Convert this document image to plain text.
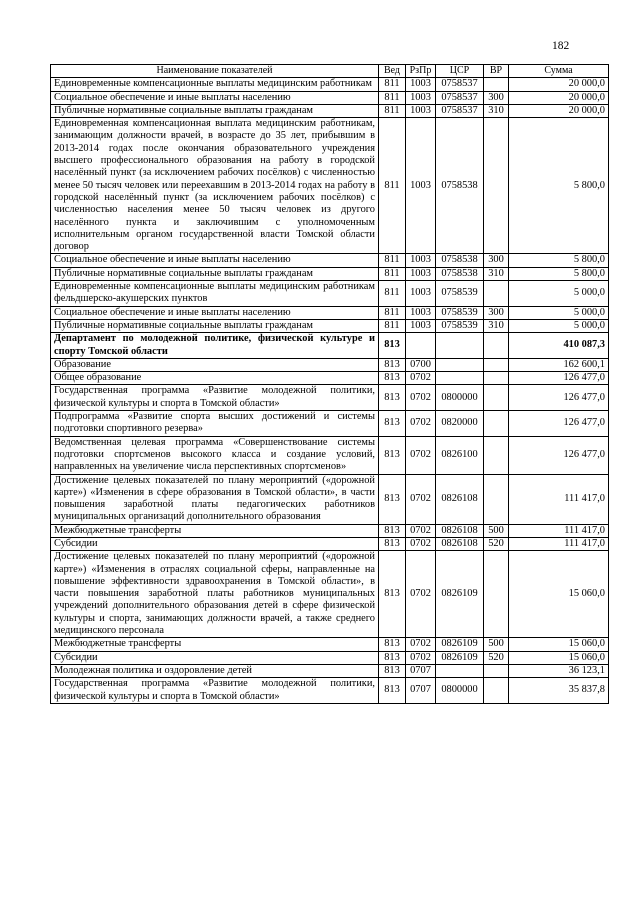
182
Наименование показателей	Вед	РзПр	ЦСР	ВР	Сумма
Единовременные компенсационные выплаты медицинским работникам	811	1003	0758537		20 000,0
Социальное обеспечение и иные выплаты населению	811	1003	0758537	300	20 000,0
Публичные нормативные социальные выплаты гражданам	811	1003	0758537	310	20 000,0
Единовременная компенсационная выплата медицинским работникам, занимающим должности врачей, в возрасте до 35 лет, прибывшим в 2013-2014 годах после окончания образовательного учреждения высшего профессионального образования на работу в городской населённый пункт (за исключением рабочих посёлков) с численностью менее 50 тысяч человек или переехавшим в 2013-2014 годах на работу в городской населённый пункт (за исключением рабочих посёлков) с численностью населения менее 50 тысяч человек из другого населённого пункта и заключившим с уполномоченным исполнительным органом государственной власти Томской области договор	811	1003	0758538		5 800,0
Социальное обеспечение и иные выплаты населению	811	1003	0758538	300	5 800,0
Публичные нормативные социальные выплаты гражданам	811	1003	0758538	310	5 800,0
Единовременные компенсационные выплаты медицинским работникам фельдшерско-акушерских пунктов	811	1003	0758539		5 000,0
Социальное обеспечение и иные выплаты населению	811	1003	0758539	300	5 000,0
Публичные нормативные социальные выплаты гражданам	811	1003	0758539	310	5 000,0
Департамент по молодежной политике, физической культуре и спорту Томской области	813				410 087,3
Образование	813	0700			162 600,1
Общее образование	813	0702			126 477,0
Государственная программа «Развитие молодежной политики, физической культуры и спорта в Томской области»	813	0702	0800000		126 477,0
Подпрограмма «Развитие спорта высших достижений и системы подготовки спортивного резерва»	813	0702	0820000		126 477,0
Ведомственная целевая программа «Совершенствование системы подготовки спортсменов высокого класса и создание условий, направленных на увеличение числа перспективных спортсменов»	813	0702	0826100		126 477,0
Достижение целевых показателей по плану мероприятий («дорожной карте») «Изменения в сфере образования в Томской области», в части повышения заработной платы педагогических работников муниципальных организаций дополнительного образования	813	0702	0826108		111 417,0
Межбюджетные трансферты	813	0702	0826108	500	111 417,0
Субсидии	813	0702	0826108	520	111 417,0
Достижение целевых показателей по плану мероприятий («дорожной карте») «Изменения в отраслях социальной сферы, направленные на повышение эффективности здравоохранения в Томской области», в части повышения заработной платы работников муниципальных учреждений дополнительного образования детей в сфере физической культуры и спорта, занимающих должности врачей, а также среднего медицинского персонала	813	0702	0826109		15 060,0
Межбюджетные трансферты	813	0702	0826109	500	15 060,0
Субсидии	813	0702	0826109	520	15 060,0
Молодежная политика и оздоровление детей	813	0707			36 123,1
Государственная программа «Развитие молодежной политики, физической культуры и спорта в Томской области»	813	0707	0800000		35 837,8
